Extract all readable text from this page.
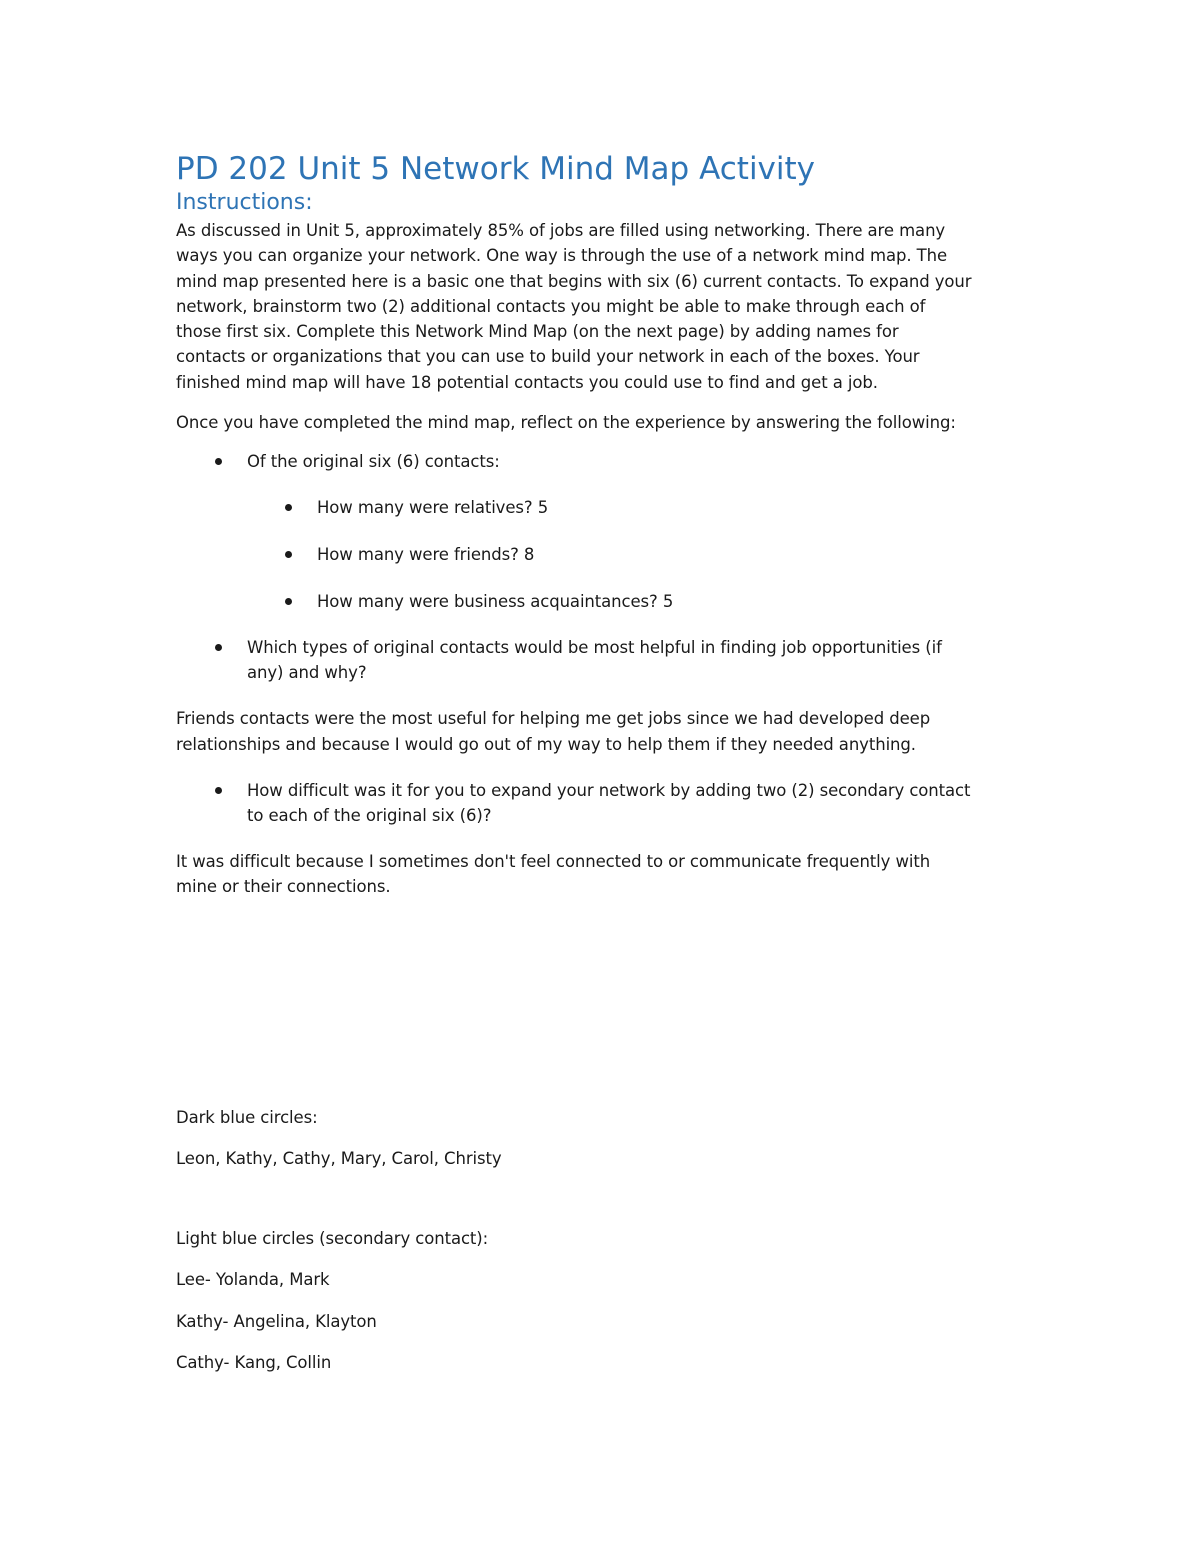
PD 202 Unit 5 Network Mind Map Activity
Instructions:

As discussed in Unit 5, approximately 85% of jobs are filled using networking. There are many

ways you can organize your network. One way is through the use of a network mind map. The

mind map presented here is a basic one that begins with six (6) current contacts. To expand your

network, brainstorm two (2) additional contacts you might be able to make through each of

those first six. Complete this Network Mind Map (on the next page) by adding names for

contacts or organizations that you can use to build your network in each of the boxes. Your

finished mind map will have 18 potential contacts you could use to find and get a job.

Once you have completed the mind map, reflect on the experience by answering the following:

Of the original six (6) contacts:
How many were relatives? 5
How many were friends? 8
How many were business acquaintances? 5
Which types of original contacts would be most helpful in finding job opportunities (if
any) and why?

Friends contacts were the most useful for helping me get jobs since we had developed deep

relationships and because I would go out of my way to help them if they needed anything.

How difficult was it for you to expand your network by adding two (2) secondary contact
to each of the original six (6)?

It was difficult because I sometimes don't feel connected to or communicate frequently with

mine or their connections.

Dark blue circles:

Leon, Kathy, Cathy, Mary, Carol, Christy

Light blue circles (secondary contact):

Lee- Yolanda, Mark

Kathy- Angelina, Klayton

Cathy- Kang, Collin
